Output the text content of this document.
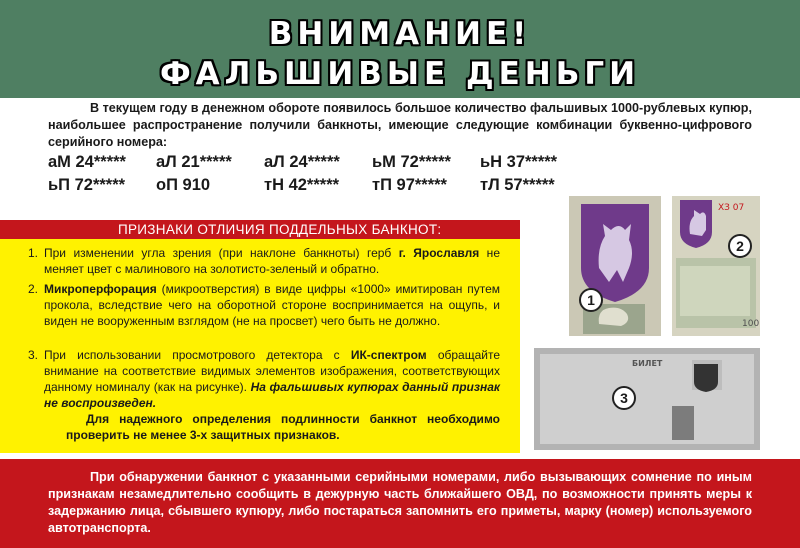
ВНИМАНИЕ!
ФАЛЬШИВЫЕ ДЕНЬГИ

В текущем году в денежном обороте появилось большое количество фальшивых 1000-рублевых купюр, наибольшее распространение получили банкноты, имеющие следующие комбинации буквенно-цифрового серийного номера:

аМ 24*****	аЛ 21*****	аЛ 24*****	ьМ 72*****	ьН 37*****
ьП 72*****	оП 910	тН 42*****	тП 97*****	тЛ 57*****
ПРИЗНАКИ ОТЛИЧИЯ ПОДДЕЛЬНЫХ БАНКНОТ:
1. При изменении угла зрения (при наклоне банкноты) герб г. Ярославля не меняет цвет с малинового на золотисто-зеленый и обратно.

2. Микроперфорация (микроотверстия) в виде цифры «1000» имитирован путем прокола, вследствие чего на оборотной стороне воспринимается на ощупь, и виден не вооруженным взглядом (не на просвет) чего быть не должно.

3. При использовании просмотрового детектора с ИК-спектром обращайте внимание на соответствие видимых элементов изображения, соответствующих данному номиналу (как на рисунке). На фальшивых купюрах данный признак не воспроизведен.

Для надежного определения подлинности банкнот необходимо проверить не менее 3-х защитных признаков.

1
ХЗ 07
100
2
БИЛЕТ
3

При обнаружении банкнот с указанными серийными номерами, либо вызывающих сомнение по иным признакам незамедлительно сообщить в дежурную часть ближайшего ОВД, по возможности принять меры к задержанию лица, сбывшего купюру, либо постараться запомнить его приметы, марку (номер) используемого автотранспорта.
